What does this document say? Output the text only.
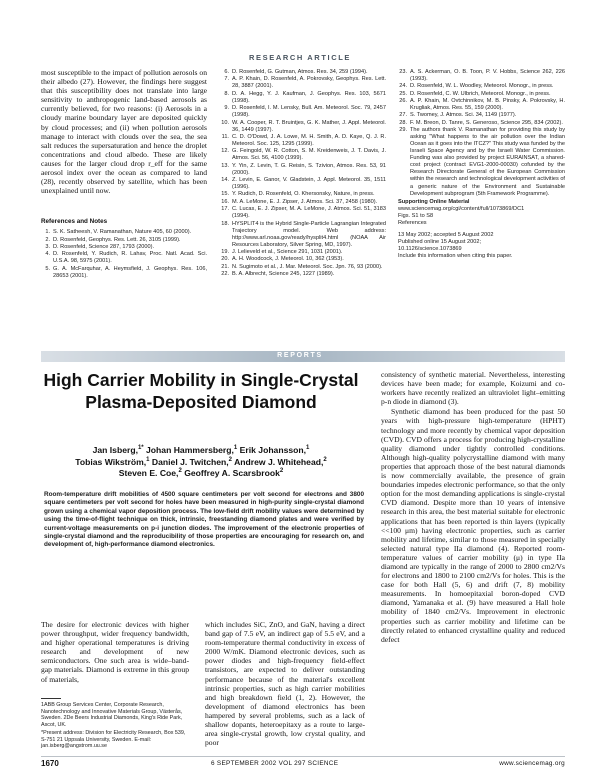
RESEARCH ARTICLE

most susceptible to the impact of pollution aerosols on their albedo (27). However, the findings here suggest that this susceptibility does not translate into large sensitivity to anthropogenic land-based aerosols as currently believed, for two reasons: (i) Aerosols in a cloudy marine boundary layer are deposited quickly by cloud processes; and (ii) when pollution aerosols manage to interact with clouds over the sea, the sea salt reduces the supersaturation and hence the droplet concentrations and cloud albedo. These are likely causes for the larger cloud drop r_eff for the same aerosol index over the ocean as compared to land (28), recently observed by satellite, which has been unexplained until now.

References and Notes
1. S. K. Satheesh, V. Ramanathan, Nature 405, 60 (2000).
2. D. Rosenfeld, Geophys. Res. Lett. 26, 3105 (1999).
3. D. Rosenfeld, Science 287, 1793 (2000).
4. D. Rosenfeld, Y. Rudich, R. Lahav, Proc. Natl. Acad. Sci. U.S.A. 98, 5975 (2001).
5. G. A. McFarquhar, A. Heymsfield, J. Geophys. Res. 106, 28653 (2001).
6. D. Rosenfeld, G. Gutman, Atmos. Res. 34, 259 (1994).
7. A. P. Khain, D. Rosenfeld, A. Pokrovsky, Geophys. Res. Lett. 28, 3887 (2001).
8. D. A. Hegg, Y. J. Kaufman, J. Geophys. Res. 103, 5671 (1998).
9. D. Rosenfeld, I. M. Lensky, Bull. Am. Meteorol. Soc. 79, 2457 (1998).
10. W. A. Cooper, R. T. Bruintjes, G. K. Mather, J. Appl. Meteorol. 36, 1449 (1997).
11. C. D. O'Dowd, J. A. Lowe, M. H. Smith, A. D. Kaye, Q. J. R. Meteorol. Soc. 125, 1295 (1999).
12. G. Feingold, W. R. Cotton, S. M. Kreidenweis, J. T. Davis, J. Atmos. Sci. 56, 4100 (1999).
13. Y. Yin, Z. Levin, T. G. Reisin, S. Tzivion, Atmos. Res. 53, 91 (2000).
14. Z. Levin, E. Ganor, V. Gladstein, J. Appl. Meteorol. 35, 1511 (1996).
15. Y. Rudich, D. Rosenfeld, O. Khersonsky, Nature, in press.
16. M. A. LeMone, E. J. Zipser, J. Atmos. Sci. 37, 2458 (1980).
17. C. Lucas, E. J. Zipser, M. A. LeMone, J. Atmos. Sci. 51, 3183 (1994).
18. HYSPLIT4 is the Hybrid Single-Particle Lagrangian Integrated Trajectory model. Web address: http://www.arl.noaa.gov/ready/hysplit4.html (NOAA Air Resources Laboratory, Silver Spring, MD, 1997).
19. J. Lelieveld et al., Science 291, 1031 (2001).
20. A. H. Woodcock, J. Meteorol. 10, 362 (1953).
21. N. Sugimoto et al., J. Mar. Meteorol. Soc. Jpn. 76, 93 (2000).
22. B. A. Albrecht, Science 245, 1227 (1989).
23. A. S. Ackerman, O. B. Toon, P. V. Hobbs, Science 262, 226 (1993).
24. D. Rosenfeld, W. L. Woodley, Meteorol. Monogr., in press.
25. D. Rosenfeld, C. W. Ulbrich, Meteorol. Monogr., in press.
26. A. P. Khain, M. Ovtchinnikov, M. B. Pinsky, A. Pokrovsky, H. Krugliak, Atmos. Res. 55, 159 (2000).
27. S. Twomey, J. Atmos. Sci. 34, 1149 (1977).
28. F. M. Breon, D. Tanre, S. Generoso, Science 295, 834 (2002).
29. The authors thank V. Ramanathan for providing this study by asking "What happens to the air pollution over the Indian Ocean as it goes into the ITCZ?" This study was funded by the Israeli Space Agency and by the Israeli Water Commission. Funding was also provided by project EURAINSAT, a shared-cost project (contract EVG1-2000-00030) cofunded by the Research Directorate General of the European Commission within the research and technological development activities of a generic nature of the Environment and Sustainable Development subprogram (5th Framework Programme).
Supporting Online Material
www.sciencemag.org/cgi/content/full/1073869/DC1
Figs. S1 to S8
References
13 May 2002; accepted 5 August 2002
Published online 15 August 2002;
10.1126/science.1073869
Include this information when citing this paper.
REPORTS
High Carrier Mobility in Single-Crystal Plasma-Deposited Diamond
Jan Isberg,$^{1*}$ Johan Hammersberg,$^1$ Erik Johansson,$^1$
Tobias Wikström,$^1$ Daniel J. Twitchen,$^2$ Andrew J. Whitehead,$^2$
Steven E. Coe,$^2$ Geoffrey A. Scarsbrook$^2$
Room-temperature drift mobilities of 4500 square centimeters per volt second for electrons and 3800 square centimeters per volt second for holes have been measured in high-purity single-crystal diamond grown using a chemical vapor deposition process. The low-field drift mobility values were determined by using the time-of-flight technique on thick, intrinsic, freestanding diamond plates and were verified by current-voltage measurements on p-i junction diodes. The improvement of the electronic properties of single-crystal diamond and the reproducibility of those properties are encouraging for research on, and development of, high-performance diamond electronics.

The desire for electronic devices with higher power throughput, wider frequency bandwidth, and higher operational temperatures is driving research and development of new semiconductors. One such area is wide–band-gap materials. Diamond is extreme in this group of materials,

which includes SiC, ZnO, and GaN, having a direct band gap of 7.5 eV, an indirect gap of 5.5 eV, and a room-temperature thermal conductivity in excess of 2000 W/mK. Diamond electronic devices, such as power diodes and high-frequency field-effect transistors, are expected to deliver outstanding performance because of the material's excellent intrinsic properties, such as high carrier mobilities and high breakdown field (1, 2). However, the development of diamond electronics has been hampered by several problems, such as a lack of shallow dopants, heteroepitaxy as a route to large-area single-crystal growth, low crystal quality, and poor

1ABB Group Services Center, Corporate Research, Nanotechnology and Innovative Materials Group, Västerås, Sweden. 2De Beers Industrial Diamonds, King's Ride Park, Ascot, UK.

*Present address: Division for Electricity Research, Box 539, S-751 21 Uppsala University, Sweden. E-mail: jan.isberg@angstrom.uu.se

consistency of synthetic material. Nevertheless, interesting devices have been made; for example, Koizumi and co-workers have recently realized an ultraviolet light–emitting p-n diode in diamond (3).

Synthetic diamond has been produced for the past 50 years with high-pressure high-temperature (HPHT) technology and more recently by chemical vapor deposition (CVD). CVD offers a process for producing high-crystalline quality diamond under tightly controlled conditions. Although high-quality polycrystalline diamond with many properties that approach those of the best natural diamonds is now commercially available, the presence of grain boundaries impedes electronic performance, so that the only option for the most demanding applications is single-crystal CVD diamond. Despite more than 10 years of intensive research in this area, the best material suitable for electronic applications that has been reported is thin layers (typically <<100 μm) having electronic properties, such as carrier mobility and lifetime, similar to those measured in specially selected natural type IIa diamond (4). Reported room-temperature values of carrier mobility (μ) in type IIa diamond are typically in the range of 2000 to 2800 cm2/Vs for electrons and 1800 to 2100 cm2/Vs for holes. This is the case for both Hall (5, 6) and drift (7, 8) mobility measurements. In homoepitaxial boron-doped CVD diamond, Yamanaka et al. (9) have measured a Hall hole mobility of 1840 cm2/Vs. Improvement in electronic properties such as carrier mobility and lifetime can be directly related to enhanced crystalline quality and reduced defect

1670	6 SEPTEMBER 2002 VOL 297 SCIENCE	www.sciencemag.org
